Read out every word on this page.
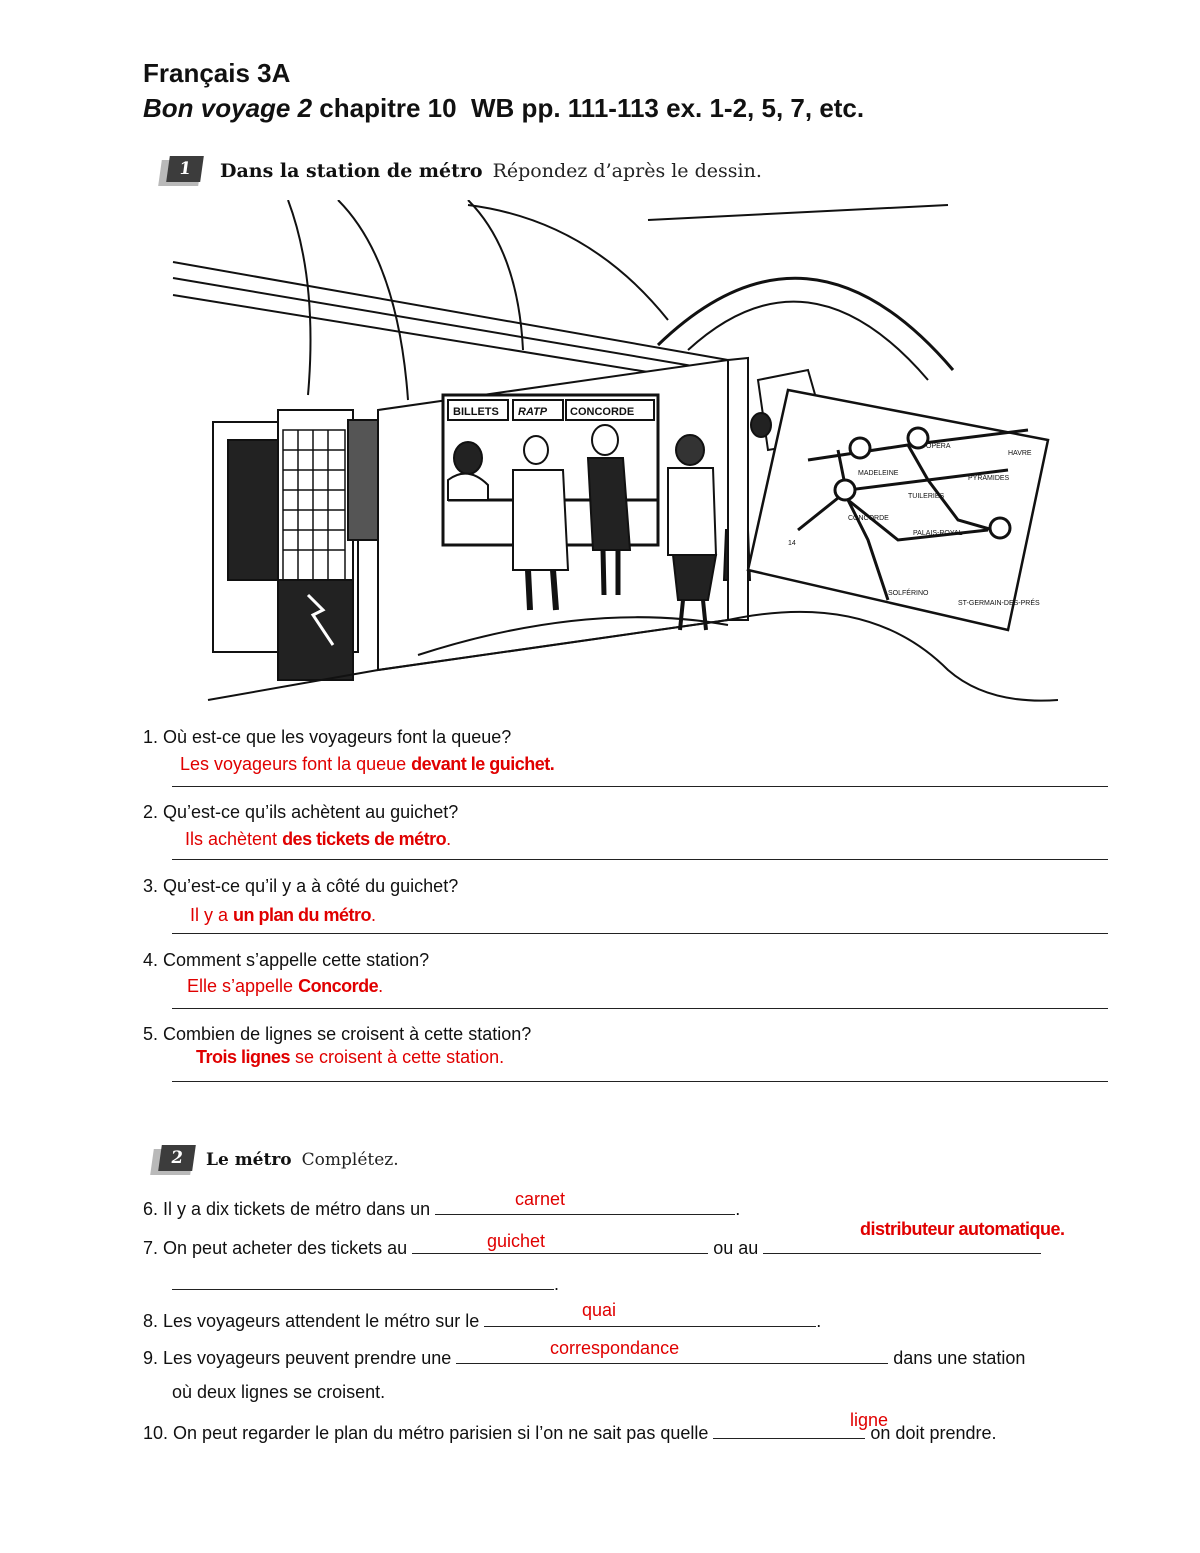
Français 3A
Bon voyage 2 chapitre 10  WB pp. 111-113 ex. 1-2, 5, 7, etc.
1	Dans la station de métro Répondez d’après le dessin.
BILLETS RATP CONCORDE
MADELEINE
TUILERIES
CONCORDE
PALAIS-ROYAL
SOLFÉRINO
PYRAMIDES
OPÉRA
14
ST-GERMAIN-DES-PRÉS
HAVRE
1. Où est-ce que les voyageurs font la queue?
Les voyageurs font la queue devant le guichet.
2. Qu’est-ce qu’ils achètent au guichet?
Ils achètent des tickets de métro.
3. Qu’est-ce qu’il y a à côté du guichet?
Il y a un plan du métro.
4. Comment s’appelle cette station?
Elle s’appelle Concorde.
5. Combien de lignes se croisent à cette station?
Trois lignes se croisent à cette station.
2	Le métro Complétez.
6. Il y a dix tickets de métro dans un	.
carnet
7. On peut acheter des tickets au	ou au
guichet
distributeur automatique.
.
8. Les voyageurs attendent le métro sur le	.
quai
9. Les voyageurs peuvent prendre une	dans une station
correspondance
où deux lignes se croisent.
10. On peut regarder le plan du métro parisien si l’on ne sait pas quelle	on doit prendre.
ligne
